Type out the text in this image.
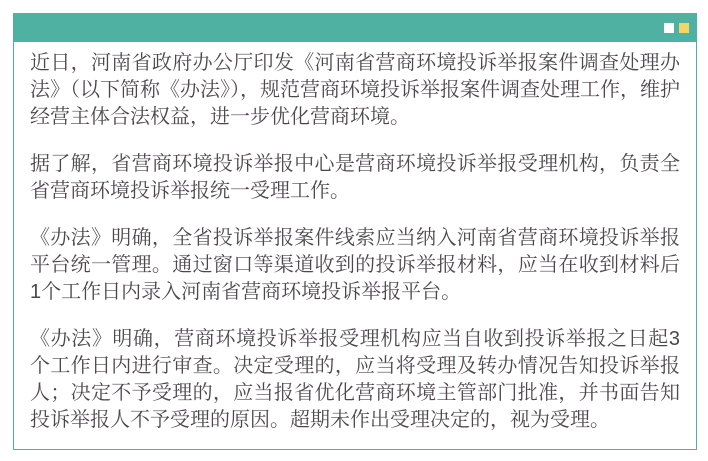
近日，河南省政府办公厅印发《河南省营商环境投诉举报案件调查处理办法》（以下简称《办法》），规范营商环境投诉举报案件调查处理工作，维护经营主体合法权益，进一步优化营商环境。

据了解，省营商环境投诉举报中心是营商环境投诉举报受理机构，负责全省营商环境投诉举报统一受理工作。

《办法》明确，全省投诉举报案件线索应当纳入河南省营商环境投诉举报平台统一管理。通过窗口等渠道收到的投诉举报材料，应当在收到材料后1个工作日内录入河南省营商环境投诉举报平台。

《办法》明确，营商环境投诉举报受理机构应当自收到投诉举报之日起3个工作日内进行审查。决定受理的，应当将受理及转办情况告知投诉举报人；决定不予受理的，应当报省优化营商环境主管部门批准，并书面告知投诉举报人不予受理的原因。超期未作出受理决定的，视为受理。
